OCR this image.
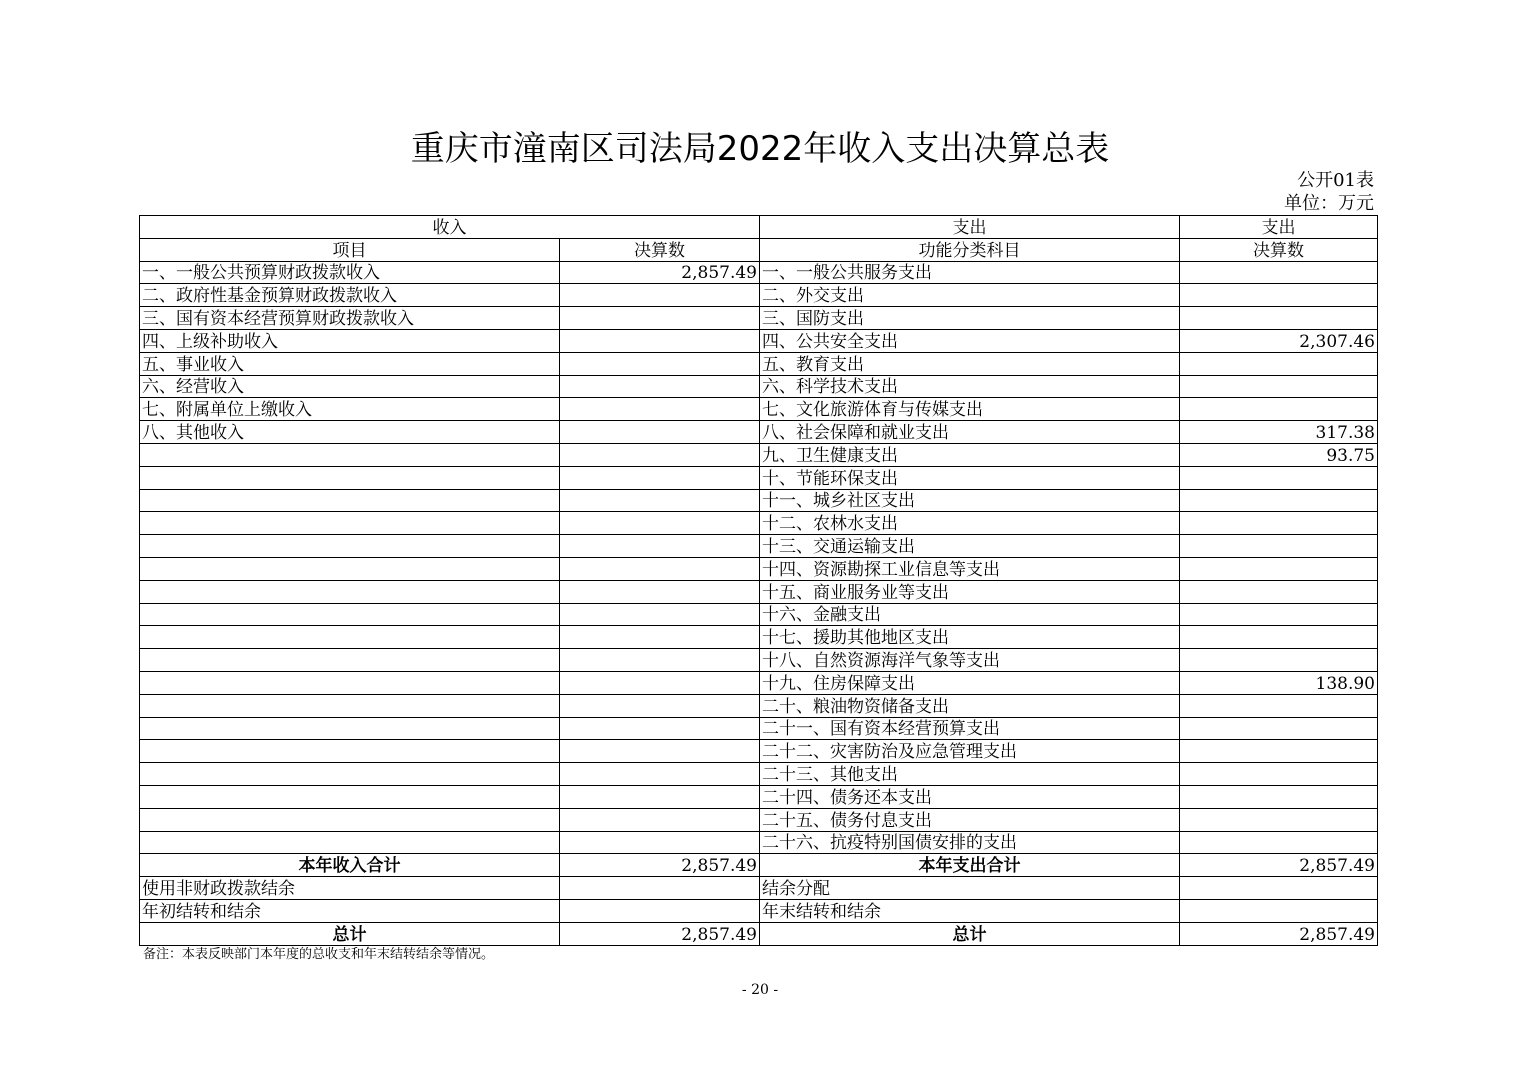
重庆市潼南区司法局2022年收入支出决算总表
公开01表
单位：万元
收入		支出	支出
项目	决算数	功能分类科目	决算数
一、一般公共预算财政拨款收入	2,857.49	一、一般公共服务支出	
二、政府性基金预算财政拨款收入		二、外交支出	
三、国有资本经营预算财政拨款收入		三、国防支出	
四、上级补助收入		四、公共安全支出	2,307.46
五、事业收入		五、教育支出	
六、经营收入		六、科学技术支出	
七、附属单位上缴收入		七、文化旅游体育与传媒支出	
八、其他收入		八、社会保障和就业支出	317.38
		九、卫生健康支出	93.75
		十、节能环保支出	
		十一、城乡社区支出	
		十二、农林水支出	
		十三、交通运输支出	
		十四、资源勘探工业信息等支出	
		十五、商业服务业等支出	
		十六、金融支出	
		十七、援助其他地区支出	
		十八、自然资源海洋气象等支出	
		十九、住房保障支出	138.90
		二十、粮油物资储备支出	
		二十一、国有资本经营预算支出	
		二十二、灾害防治及应急管理支出	
		二十三、其他支出	
		二十四、债务还本支出	
		二十五、债务付息支出	
		二十六、抗疫特别国债安排的支出	
本年收入合计	2,857.49	本年支出合计	2,857.49
使用非财政拨款结余		结余分配	
年初结转和结余		年末结转和结余	
总计	2,857.49	总计	2,857.49
备注：本表反映部门本年度的总收支和年末结转结余等情况。
- 20 -
